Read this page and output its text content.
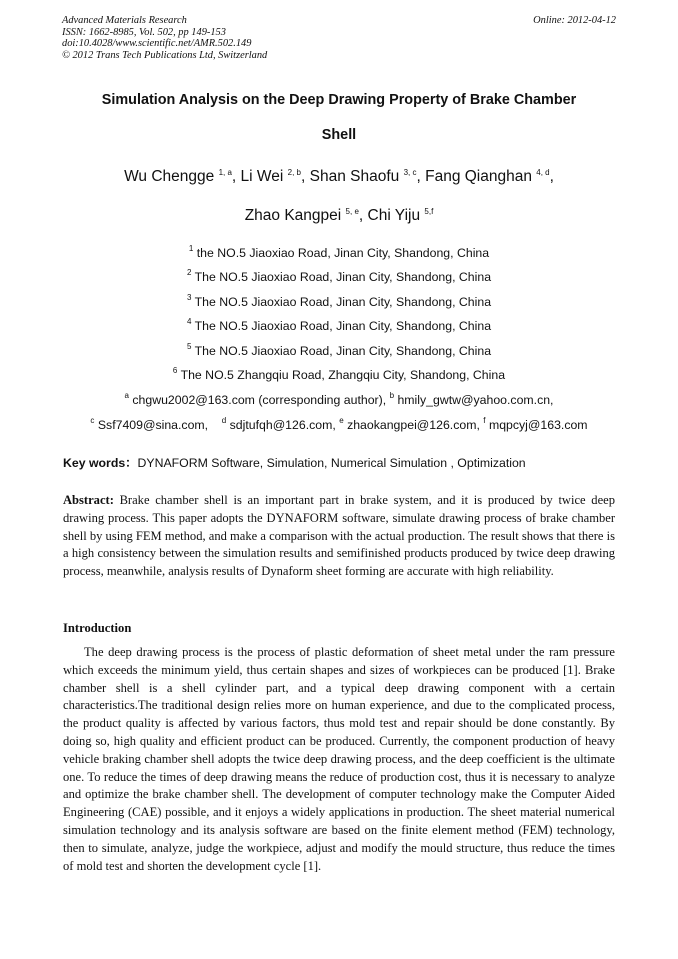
Advanced Materials Research
ISSN: 1662-8985, Vol. 502, pp 149-153
doi:10.4028/www.scientific.net/AMR.502.149
© 2012 Trans Tech Publications Ltd, Switzerland
Online: 2012-04-12
Simulation Analysis on the Deep Drawing Property of Brake Chamber
Shell
Wu Chengge $^{1, a}$, Li Wei $^{2, b}$, Shan Shaofu $^{3, c}$, Fang Qianghan $^{4, d}$,
Zhao Kangpei $^{5, e}$, Chi Yiju $^{5,f}$
$^1$ the NO.5 Jiaoxiao Road, Jinan City, Shandong, China
$^2$ The NO.5 Jiaoxiao Road, Jinan City, Shandong, China
$^3$ The NO.5 Jiaoxiao Road, Jinan City, Shandong, China
$^4$ The NO.5 Jiaoxiao Road, Jinan City, Shandong, China
$^5$ The NO.5 Jiaoxiao Road, Jinan City, Shandong, China
$^6$ The NO.5 Zhangqiu Road, Zhangqiu City, Shandong, China
$^a$ chgwu2002@163.com (corresponding author), $^b$ hmily_gwtw@yahoo.com.cn,
$^c$ Ssf7409@sina.com, $^d$ sdjtufqh@126.com, $^e$ zhaokangpei@126.com, $^f$ mqpcyj@163.com
Key words：DYNAFORM Software, Simulation, Numerical Simulation , Optimization

Abstract: Brake chamber shell is an important part in brake system, and it is produced by twice deep drawing process. This paper adopts the DYNAFORM software, simulate drawing process of brake chamber shell by using FEM method, and make a comparison with the actual production. The result shows that there is a high consistency between the simulation results and semifinished products produced by twice deep drawing process, meanwhile, analysis results of Dynaform sheet forming are accurate with high reliability.

Introduction

The deep drawing process is the process of plastic deformation of sheet metal under the ram pressure which exceeds the minimum yield, thus certain shapes and sizes of workpieces can be produced [1]. Brake chamber shell is a shell cylinder part, and a typical deep drawing component with a certain characteristics.The traditional design relies more on human experience, and due to the complicated process, the product quality is affected by various factors, thus mold test and repair should be done constantly. By doing so, high quality and efficient product can be produced. Currently, the component production of heavy vehicle braking chamber shell adopts the twice deep drawing process, and the deep coefficient is the ultimate one. To reduce the times of deep drawing means the reduce of production cost, thus it is necessary to analyze and optimize the brake chamber shell. The development of computer technology make the Computer Aided Engineering (CAE) possible, and it enjoys a widely applications in production. The sheet material numerical simulation technology and its analysis software are based on the finite element method (FEM) technology, then to simulate, analyze, judge the workpiece, adjust and modify the mould structure, thus reduce the times of mold test and shorten the development cycle [1].
